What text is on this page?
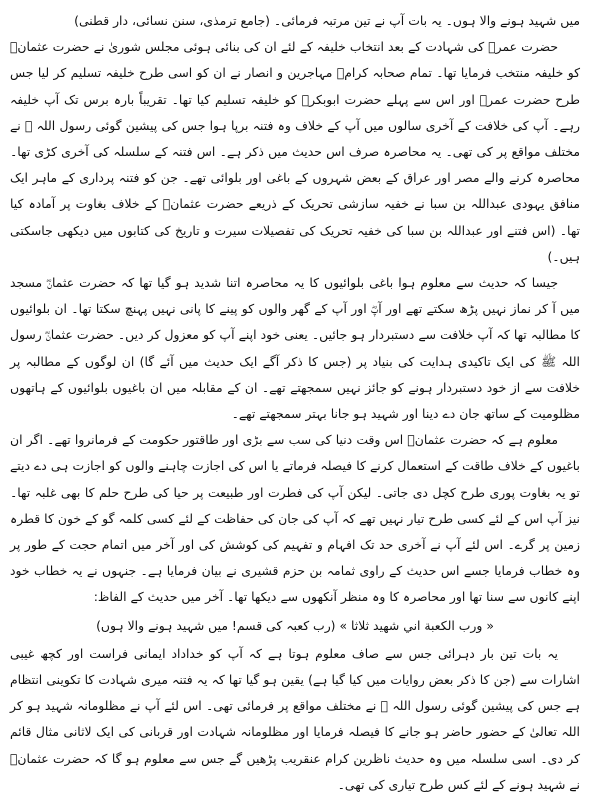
میں شہید ہونے والا ہوں۔ یہ بات آپ نے تین مرتبہ فرمائی۔ (جامع ترمذی، سنن نسائی، دار قطنی)

حضرت عمرؓ کی شہادت کے بعد انتخاب خلیفہ کے لئے ان کی بنائی ہوئی مجلس شوریٰ نے حضرت عثمانؓ کو خلیفہ منتخب فرمایا تھا۔ تمام صحابہ کرامؓ مہاجرین و انصار نے ان کو اسی طرح خلیفہ تسلیم کر لیا جس طرح حضرت عمرؓ اور اس سے پہلے حضرت ابوبکرؓ کو خلیفہ تسلیم کیا تھا۔ تقریباً بارہ برس تک آپ خلیفہ رہے۔ آپ کی خلافت کے آخری سالوں میں آپ کے خلاف وہ فتنہ برپا ہوا جس کی پیشین گوئی رسول اللہ ﷺ نے مختلف مواقع پر کی تھی۔ یہ محاصرہ صرف اس حدیث میں ذکر ہے۔ اس فتنہ کے سلسلہ کی آخری کڑی تھا۔ محاصرہ کرنے والے مصر اور عراق کے بعض شہروں کے باغی اور بلوائی تھے۔ جن کو فتنہ پرداری کے ماہر ایک منافق یہودی عبداللہ بن سبا نے خفیہ سازشی تحریک کے ذریعے حضرت عثمانؓ کے خلاف بغاوت پر آمادہ کیا تھا۔ (اس فتنے اور عبداللہ بن سبا کی خفیہ تحریک کی تفصیلات سیرت و تاریخ کی کتابوں میں دیکھی جاسکتی ہیں۔)

جیسا کہ حدیث سے معلوم ہوا باغی بلوائیوں کا یہ محاصرہ اتنا شدید ہو گیا تھا کہ حضرت عثمانؓ مسجد میں آ کر نماز نہیں پڑھ سکتے تھے اور آپؓ اور آپ کے گھر والوں کو پینے کا پانی نہیں پہنچ سکتا تھا۔ ان بلوائیوں کا مطالبہ تھا کہ آپ خلافت سے دستبردار ہو جائیں۔ یعنی خود اپنے آپ کو معزول کر دیں۔ حضرت عثمانؓ رسول اللہ ﷺ کی ایک تاکیدی ہدایت کی بنیاد پر (جس کا ذکر آگے ایک حدیث میں آئے گا) ان لوگوں کے مطالبہ پر خلافت سے از خود دستبردار ہونے کو جائز نہیں سمجھتے تھے۔ ان کے مقابلہ میں ان باغیوں بلوائیوں کے ہاتھوں مظلومیت کے ساتھ جان دے دینا اور شہید ہو جانا بہتر سمجھتے تھے۔

معلوم ہے کہ حضرت عثمانؓ اس وقت دنیا کی سب سے بڑی اور طاقتور حکومت کے فرمانروا تھے۔ اگر ان باغیوں کے خلاف طاقت کے استعمال کرنے کا فیصلہ فرماتے یا اس کی اجازت چاہنے والوں کو اجازت ہی دے دیتے تو یہ بغاوت پوری طرح کچل دی جاتی۔ لیکن آپ کی فطرت اور طبیعت پر حیا کی طرح حلم کا بھی غلبہ تھا۔ نیز آپ اس کے لئے کسی طرح تیار نہیں تھے کہ آپ کی جان کی حفاظت کے لئے کسی کلمہ گو کے خون کا قطرہ زمین پر گرے۔ اس لئے آپ نے آخری حد تک افہام و تفہیم کی کوشش کی اور آخر میں اتمام حجت کے طور پر وہ خطاب فرمایا جسے اس حدیث کے راوی ثمامہ بن حزم قشیری نے بیان فرمایا ہے۔ جنہوں نے یہ خطاب خود اپنے کانوں سے سنا تھا اور محاصرہ کا وہ منظر آنکھوں سے دیکھا تھا۔ آخر میں حدیث کے الفاظ:

« ورب الكعبة اني شهيد ثلاثا » (رب کعبہ کی قسم! میں شہید ہونے والا ہوں)

یہ بات تین بار دہرائی جس سے صاف معلوم ہوتا ہے کہ آپ کو خداداد ایمانی فراست اور کچھ غیبی اشارات سے (جن کا ذکر بعض روایات میں کیا گیا ہے) یقین ہو گیا تھا کہ یہ فتنہ میری شہادت کا تکوینی انتظام ہے جس کی پیشین گوئی رسول اللہ ﷺ نے مختلف مواقع پر فرمائی تھی۔ اس لئے آپ نے مظلومانہ شہید ہو کر اللہ تعالیٰ کے حضور حاضر ہو جانے کا فیصلہ فرمایا اور مظلومانہ شہادت اور قربانی کی ایک لاثانی مثال قائم کر دی۔ اسی سلسلہ میں وہ حدیث ناظرین کرام عنقریب پڑھیں گے جس سے معلوم ہو گا کہ حضرت عثمانؓ نے شہید ہونے کے لئے کس طرح تیاری کی تھی۔
